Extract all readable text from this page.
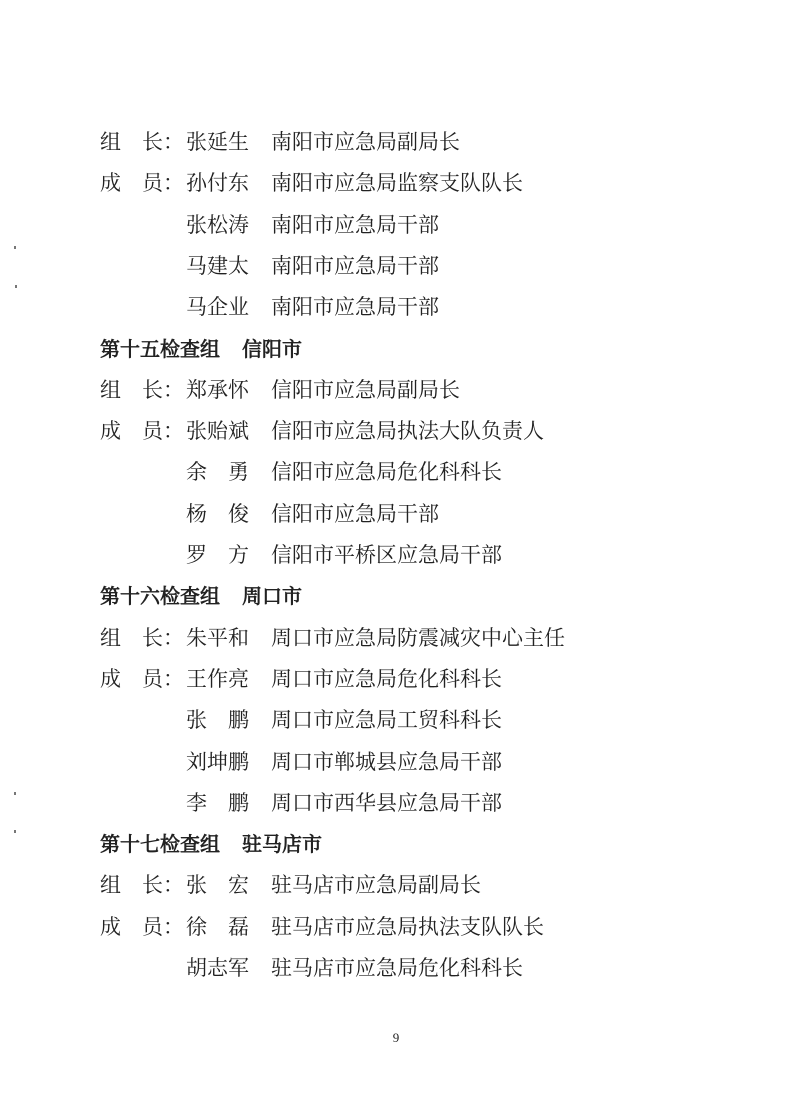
组　长： 张延生	南阳市应急局副局长
成　员： 孙付东	南阳市应急局监察支队队长
张松涛	南阳市应急局干部
马建太	南阳市应急局干部
马企业	南阳市应急局干部
第十五检查组 信阳市
组　长： 郑承怀	信阳市应急局副局长
成　员： 张贻斌	信阳市应急局执法大队负责人
余　勇	信阳市应急局危化科科长
杨　俊	信阳市应急局干部
罗　方	信阳市平桥区应急局干部
第十六检查组 周口市
组　长： 朱平和	周口市应急局防震减灾中心主任
成　员： 王作亮	周口市应急局危化科科长
张　鹏	周口市应急局工贸科科长
刘坤鹏	周口市郸城县应急局干部
李　鹏	周口市西华县应急局干部
第十七检查组 驻马店市
组　长： 张　宏	驻马店市应急局副局长
成　员： 徐　磊	驻马店市应急局执法支队队长
胡志军	驻马店市应急局危化科科长
9
